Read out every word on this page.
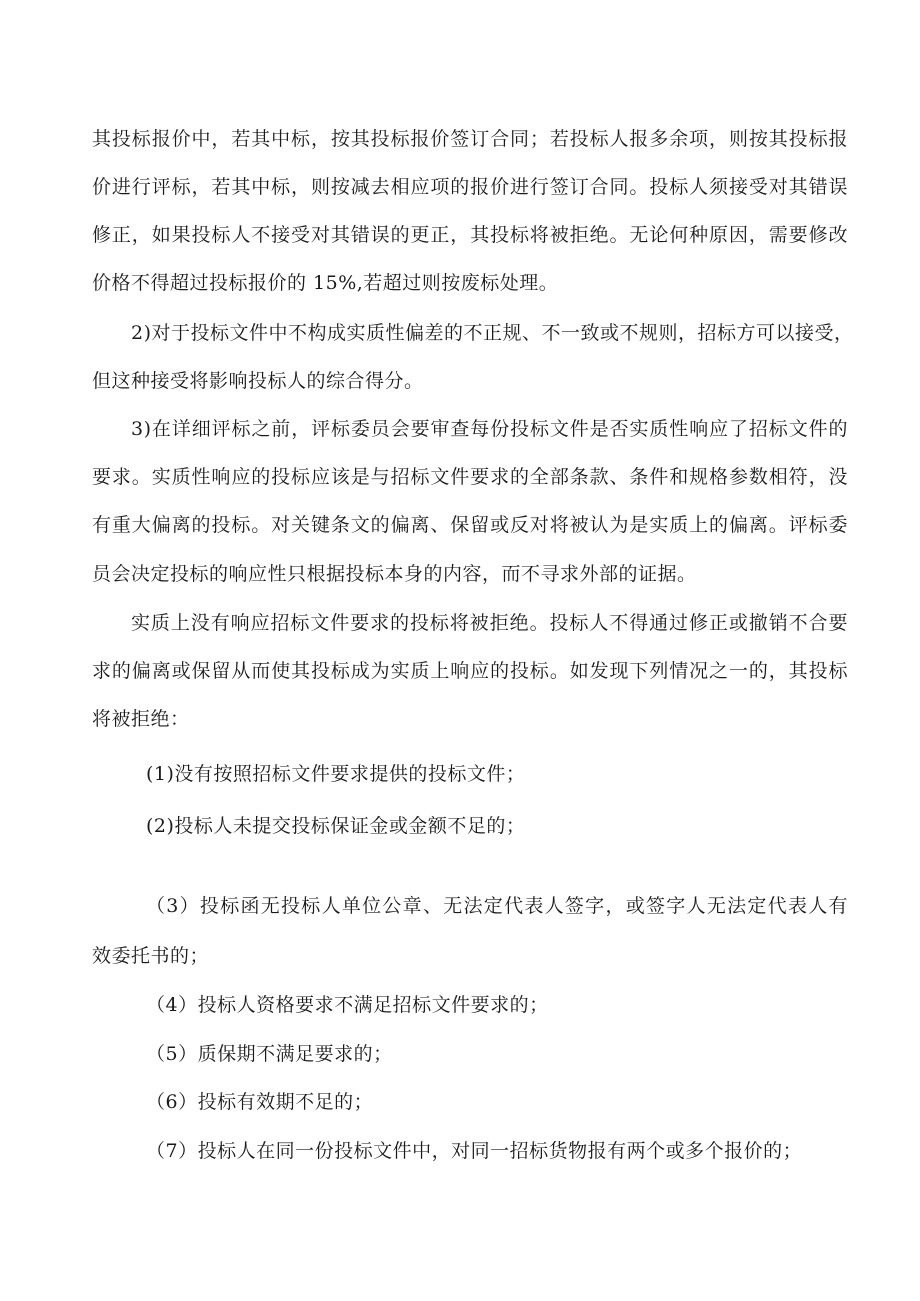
其投标报价中，若其中标，按其投标报价签订合同；若投标人报多余项，则按其投标报
价进行评标，若其中标，则按减去相应项的报价进行签订合同。投标人须接受对其错误
修正，如果投标人不接受对其错误的更正，其投标将被拒绝。无论何种原因，需要修改
价格不得超过投标报价的 15%,若超过则按废标处理。
2)对于投标文件中不构成实质性偏差的不正规、不一致或不规则，招标方可以接受，
但这种接受将影响投标人的综合得分。
3)在详细评标之前，评标委员会要审查每份投标文件是否实质性响应了招标文件的
要求。实质性响应的投标应该是与招标文件要求的全部条款、条件和规格参数相符，没
有重大偏离的投标。对关键条文的偏离、保留或反对将被认为是实质上的偏离。评标委
员会决定投标的响应性只根据投标本身的内容，而不寻求外部的证据。
实质上没有响应招标文件要求的投标将被拒绝。投标人不得通过修正或撤销不合要
求的偏离或保留从而使其投标成为实质上响应的投标。如发现下列情况之一的，其投标
将被拒绝：
(1)没有按照招标文件要求提供的投标文件；
(2)投标人未提交投标保证金或金额不足的；
（3）投标函无投标人单位公章、无法定代表人签字，或签字人无法定代表人有
效委托书的；
（4）投标人资格要求不满足招标文件要求的；
（5）质保期不满足要求的；
（6）投标有效期不足的；
（7）投标人在同一份投标文件中，对同一招标货物报有两个或多个报价的；
